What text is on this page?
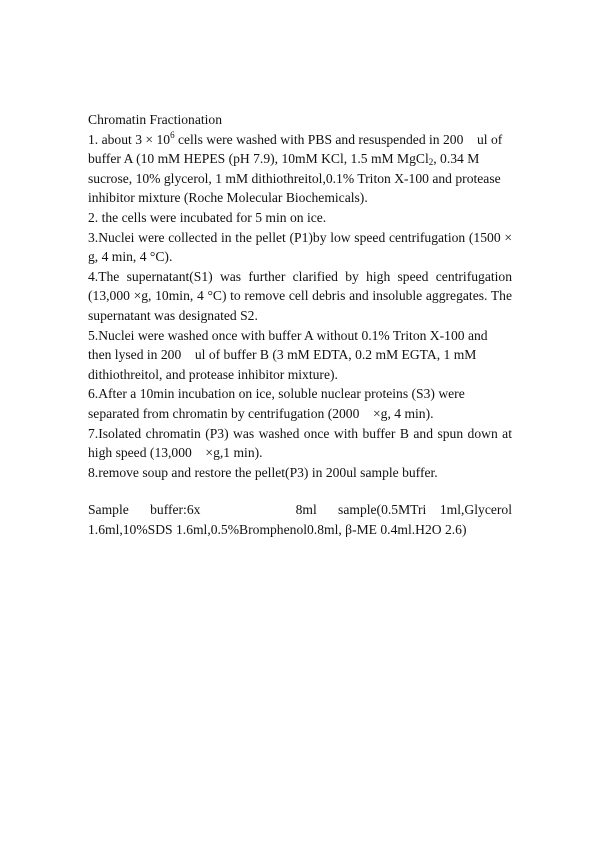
Chromatin Fractionation

1. about $3 \times 10^6$ cells were washed with PBS and resuspended in 200 ul of buffer A (10 mM HEPES (pH 7.9), 10mM KCl, 1.5 mM MgCl$_2$, 0.34 M sucrose, 10% glycerol, 1 mM dithiothreitol,0.1% Triton X-100 and protease inhibitor mixture (Roche Molecular Biochemicals).

2. the cells were incubated for 5 min on ice.

3.Nuclei were collected in the pellet (P1)by low speed centrifugation (1500 × g, 4 min, 4 °C).

4.The supernatant(S1) was further clarified by high speed centrifugation (13,000 ×g, 10min, 4 °C) to remove cell debris and insoluble aggregates. The supernatant was designated S2.

5.Nuclei were washed once with buffer A without 0.1% Triton X-100 and then lysed in 200 ul of buffer B (3 mM EDTA, 0.2 mM EGTA, 1 mM dithiothreitol, and protease inhibitor mixture).

6.After a 10min incubation on ice, soluble nuclear proteins (S3) were separated from chromatin by centrifugation (2000 ×g, 4 min).

7.Isolated chromatin (P3) was washed once with buffer B and spun down at high speed (13,000 ×g,1 min).

8.remove soup and restore the pellet(P3) in 200ul sample buffer.

Sample buffer:6x       8ml sample(0.5MTri 1ml,Glycerol 1.6ml,10%SDS 1.6ml,0.5%Bromphenol0.8ml, β-ME 0.4ml.H2O 2.6)
